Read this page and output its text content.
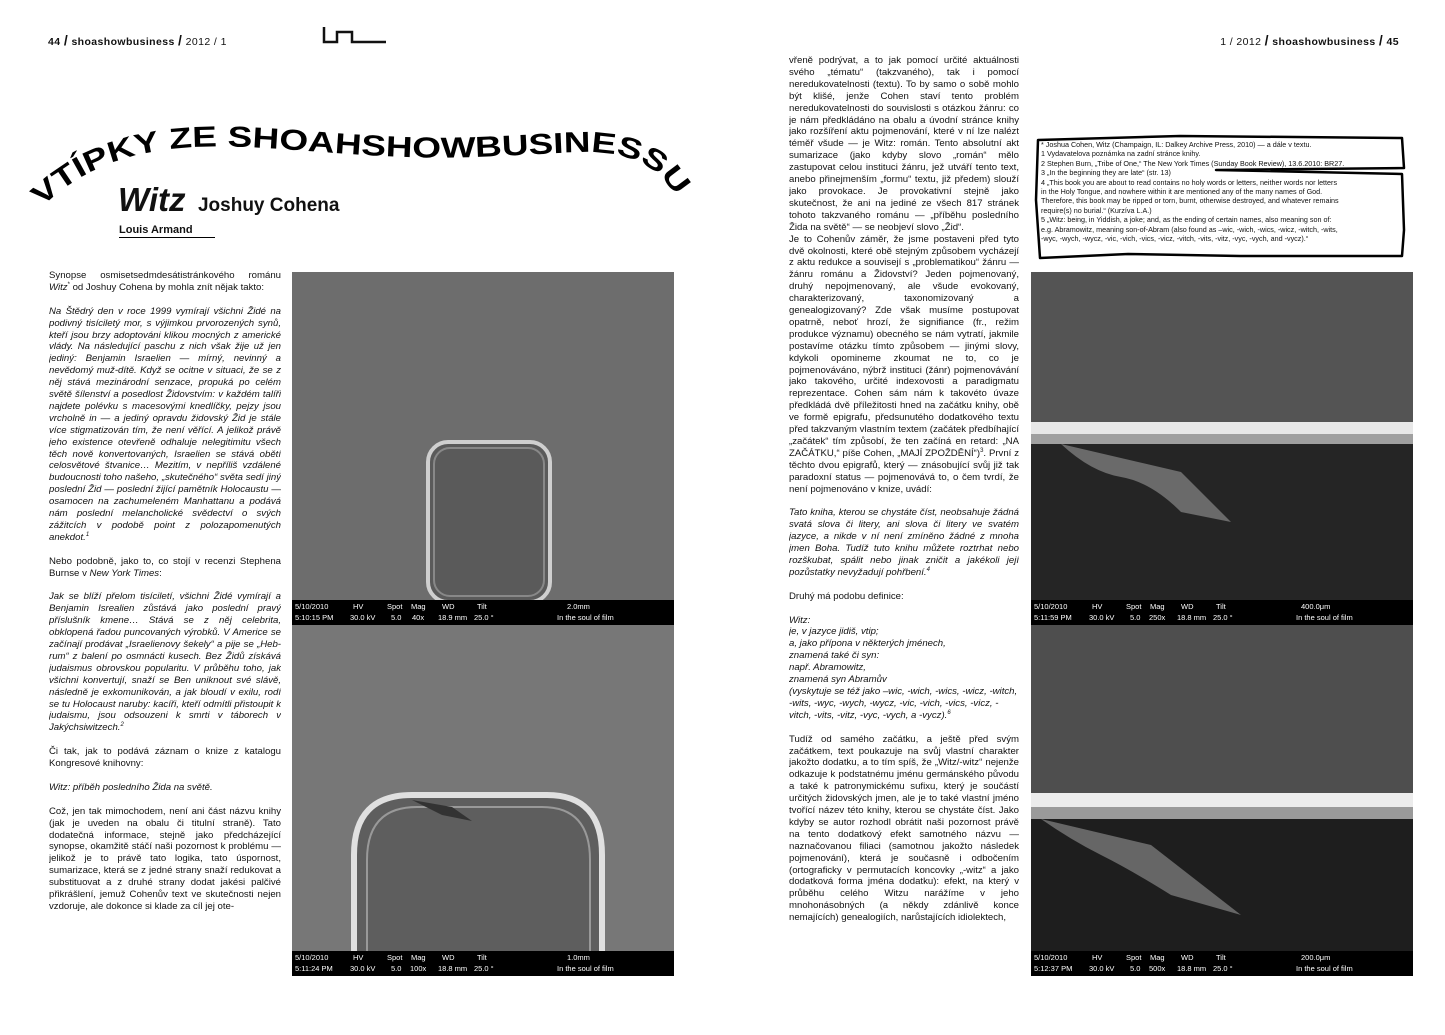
44 / shoashowbusiness / 2012 / 1	1 / 2012 / shoashowbusiness / 45
VTÍPKY ZE SHOAHSHOWBUSINESSU
Witz Joshuy Cohena
Louis Armand

Synopse osmisetsedmdesátistránkového románu Witz* od Joshuy Cohena by mohla znít nějak takto:

Na Štědrý den v roce 1999 vymírají všichni Židé na podivný tisíciletý mor, s výjimkou prvorozených synů, kteří jsou brzy adoptováni klikou mocných z americké vlády. Na následující paschu z nich však žije už jen jediný: Benjamin Israelien — mírný, nevinný a nevědomý muž-dítě. Když se ocitne v situaci, že se z něj stává mezinárodní senzace, propuká po celém světě šílenství a posedlost Židovstvím: v každém talíři najdete polévku s macesovými knedlíčky, pejzy jsou vrcholně in — a jediný opravdu židovský Žid je stále více stigmatizován tím, že není věřící. A jelikož právě jeho existence otevřeně odhaluje nelegitimitu všech těch nově konvertovaných, Israelien se stává obětí celosvětové štvanice… Mezitím, v nepříliš vzdálené budoucnosti toho našeho, „skutečného“ světa sedí jiný poslední Žid — poslední žijící pamětník Holocaustu — osamocen na zachumeleném Manhattanu a podává nám poslední melancholické svědectví o svých zážitcích v podobě point z polozapomenutých anekdot.$^1$

Nebo podobně, jako to, co stojí v recenzi Stephena Burnse v New York Times:

Jak se blíží přelom tisíciletí, všichni Židé vymírají a Benjamin Isrealien zůstává jako poslední pravý příslušník kmene… Stává se z něj celebrita, obklopená řadou puncovaných výrobků. V Americe se začínají prodávat „Israelienovy šekely“ a pije se „Heb-rum“ z balení po osmnácti kusech. Bez Židů získává judaismus obrovskou popularitu. V průběhu toho, jak všichni konvertují, snaží se Ben uniknout své slávě, následně je exkomunikován, a jak bloudí v exilu, rodí se tu Holocaust naruby: kacíři, kteří odmítli přistoupit k judaismu, jsou odsouzeni k smrti v táborech v Jakýchsiwitzech.$^2$

Či tak, jak to podává záznam o knize z katalogu Kongresové knihovny:

Witz: příběh posledního Žida na světě.

Což, jen tak mimochodem, není ani část názvu knihy (jak je uveden na obalu či titulní straně). Tato dodatečná informace, stejně jako předcházející synopse, okamžitě stáčí naši pozornost k problému — jelikož je to právě tato logika, tato úspornost, sumarizace, která se z jedné strany snaží redukovat a substituovat a z druhé strany dodat jakési palčivé přikrášlení, jemuž Cohenův text ve skutečnosti nejen vzdoruje, ale dokonce si klade za cíl jej ote-

vřeně podrývat, a to jak pomocí určité aktuálnosti svého „tématu“ (takzvaného), tak i pomocí neredukovatelnosti (textu). To by samo o sobě mohlo být klišé, jenže Cohen staví tento problém neredukovatelnosti do souvislosti s otázkou žánru: co je nám předkládáno na obalu a úvodní stránce knihy jako rozšíření aktu pojmenování, které v ní lze nalézt téměř všude — je Witz: román. Tento absolutní akt sumarizace (jako kdyby slovo „román“ mělo zastupovat celou instituci žánru, jež utváří tento text, anebo přinejmenším „formu“ textu, již předem) slouží jako provokace. Je provokativní stejně jako skutečnost, že ani na jediné ze všech 817 stránek tohoto takzvaného románu — „příběhu posledního Žida na světě“ — se neobjeví slovo „Žid“.

Je to Cohenův záměr, že jsme postaveni před tyto dvě okolnosti, které obě stejným způsobem vycházejí z aktu redukce a souvisejí s „problematikou“ žánru — žánru románu a Židovství? Jeden pojmenovaný, druhý nepojmenovaný, ale všude evokovaný, charakterizovaný, taxonomizovaný a genealogizovaný? Zde však musíme postupovat opatrně, neboť hrozí, že signifiance (fr., režim produkce významu) obecného se nám vytratí, jakmile postavíme otázku tímto způsobem — jinými slovy, kdykoli opomineme zkoumat ne to, co je pojmenováváno, nýbrž instituci (žánr) pojmenovávání jako takového, určité indexovosti a paradigmatu reprezentace. Cohen sám nám k takovéto úvaze předkládá dvě příležitosti hned na začátku knihy, obě ve formě epigrafu, předsunutého dodatkového textu před takzvaným vlastním textem (začátek předbíhající „začátek“ tím způsobí, že ten začíná en retard: „NA ZAČÁTKU,“ píše Cohen, „MAJÍ ZPOŽDĚNÍ“)$^3$. První z těchto dvou epigrafů, který — znásobující svůj již tak paradoxní status — pojmenovává to, o čem tvrdí, že není pojmenováno v knize, uvádí:

Tato kniha, kterou se chystáte číst, neobsahuje žádná svatá slova či litery, ani slova či litery ve svatém jazyce, a nikde v ní není zmíněno žádné z mnoha jmen Boha. Tudíž tuto knihu můžete roztrhat nebo rozškubat, spálit nebo jinak zničit a jakékoli její pozůstatky nevyžadují pohřbení.$^4$

Druhý má podobu definice:

Witz:
je, v jazyce jidiš, vtip;
a, jako přípona v některých jménech,
znamená také či syn:
např. Abramowitz,
znamená syn Abramův
(vyskytuje se též jako –wic, -wich, -wics, -wicz, -witch, -wits, -wyc, -wych, -wycz, -vic, -vich, -vics, -vicz, -vitch, -vits, -vitz, -vyc, -vych, a -vycz).$^6$

Tudíž od samého začátku, a ještě před svým začátkem, text poukazuje na svůj vlastní charakter jakožto dodatku, a to tím spíš, že „Witz/-witz“ nejenže odkazuje k podstatnému jménu germánského původu a také k patronymickému sufixu, který je součástí určitých židovských jmen, ale je to také vlastní jméno tvořící název této knihy, kterou se chystáte číst. Jako kdyby se autor rozhodl obrátit naši pozornost právě na tento dodatkový efekt samotného názvu — naznačovanou filiaci (samotnou jakožto následek pojmenování), která je současně i odbočením (ortograficky v permutacích koncovky „-witz“ a jako dodatková forma jména dodatku): efekt, na který v průběhu celého Witzu narážíme v jeho mnohonásobných (a někdy zdánlivě konce nemajících) genealogiích, narůstajících idiolektech,

* Joshua Cohen, Witz (Champaign, IL: Dalkey Archive Press, 2010) — a dále v textu.
1 Vydavatelova poznámka na zadní stránce knihy.
2 Stephen Burn, „Tribe of One,“ The New York Times (Sunday Book Review), 13.6.2010: BR27.
3 „In the beginning they are late“ (str. 13)
4 „This book you are about to read contains no holy words or letters, neither words nor letters
in the Holy Tongue, and nowhere within it are mentioned any of the many names of God.
Therefore, this book may be ripped or torn, burnt, otherwise destroyed, and whatever remains
require(s) no burial.“ (Kurzíva L.A.)
5 „Witz: being, in Yiddish, a joke; and, as the ending of certain names, also meaning son of:
e.g. Abramowitz, meaning son-of-Abram (also found as –wic, -wich, -wics, -wicz, -witch, -wits,
-wyc, -wych, -wycz, -vic, -vich, -vics, -vicz, -vitch, -vits, -vitz, -vyc, -vych, and -vycz).“
5/10/2010
5:10:15 PM
HV
30.0 kV
Spot
5.0
Mag
40x
WD
18.9 mm
Tilt
25.0 °
2.0mm
In the soul of film
5/10/2010
5:11:24 PM
HV
30.0 kV
Spot
5.0
Mag
100x
WD
18.8 mm
Tilt
25.0 °
1.0mm
In the soul of film
5/10/2010
5:11:59 PM
HV
30.0 kV
Spot
5.0
Mag
250x
WD
18.8 mm
Tilt
25.0 °
400.0μm
In the soul of film
5/10/2010
5:12:37 PM
HV
30.0 kV
Spot
5.0
Mag
500x
WD
18.8 mm
Tilt
25.0 °
200.0μm
In the soul of film
